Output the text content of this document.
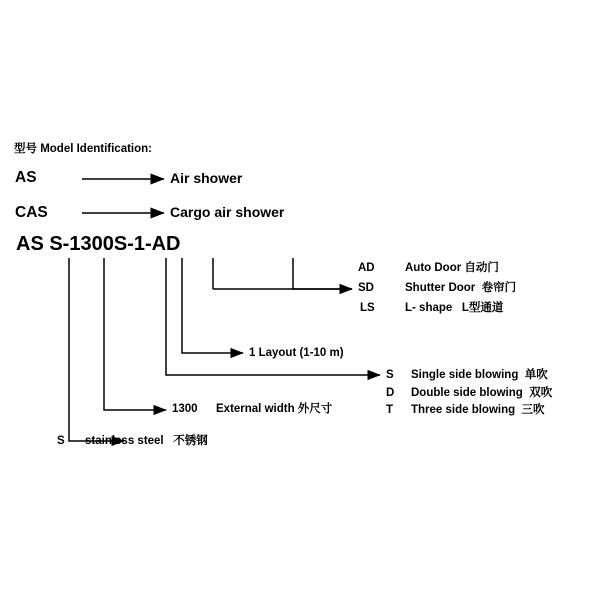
型号 Model Identification:
AS	Air shower
CAS	Cargo air shower
AS S-1300S-1-AD
AD	Auto Door 自动门
SD	Shutter Door  卷帘门
LS	L- shape   L型通道
1 Layout (1-10 m)
S Single side blowing  单吹
D Double side blowing  双吹
T Three side blowing  三吹
1300 External width 外尺寸
S stainless steel   不锈钢
